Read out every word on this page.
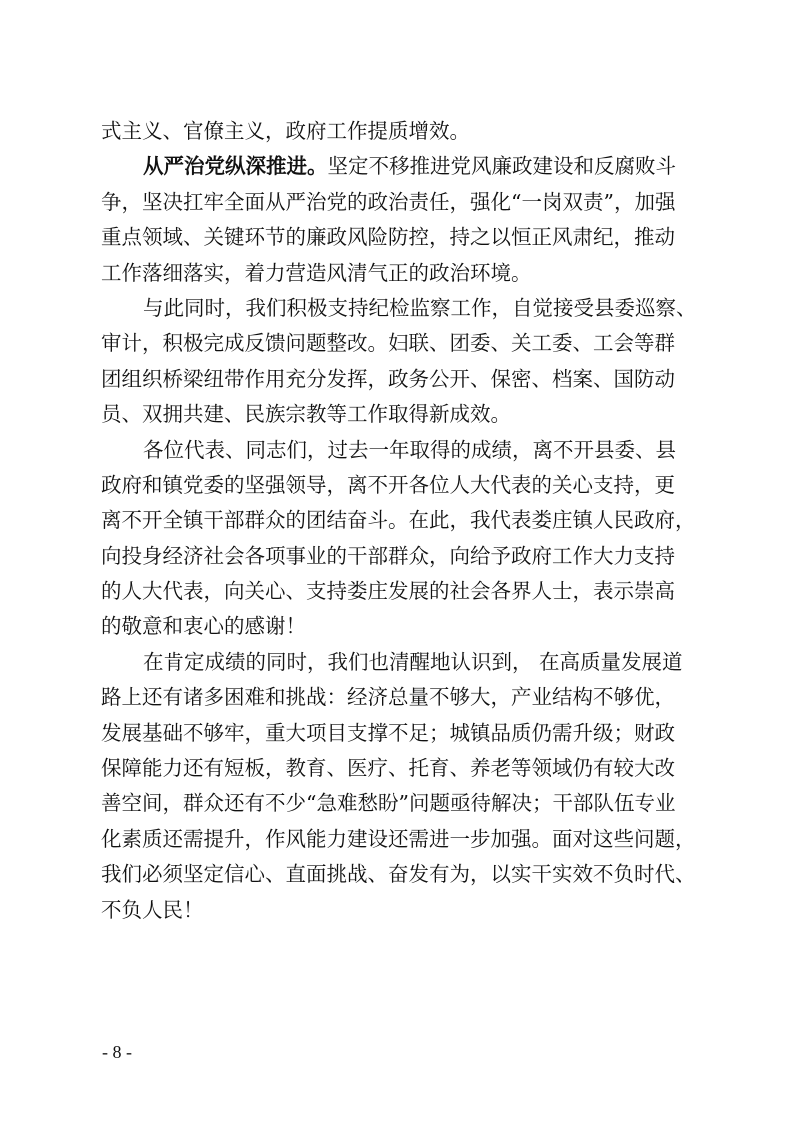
式主义、官僚主义，政府工作提质增效。
从严治党纵深推进。坚定不移推进党风廉政建设和反腐败斗
争，坚决扛牢全面从严治党的政治责任，强化“一岗双责”，加强
重点领域、关键环节的廉政风险防控，持之以恒正风肃纪，推动
工作落细落实，着力营造风清气正的政治环境。
与此同时，我们积极支持纪检监察工作，自觉接受县委巡察、
审计，积极完成反馈问题整改。妇联、团委、关工委、工会等群
团组织桥梁纽带作用充分发挥，政务公开、保密、档案、国防动
员、双拥共建、民族宗教等工作取得新成效。
各位代表、同志们，过去一年取得的成绩，离不开县委、县
政府和镇党委的坚强领导，离不开各位人大代表的关心支持，更
离不开全镇干部群众的团结奋斗。在此，我代表娄庄镇人民政府，
向投身经济社会各项事业的干部群众，向给予政府工作大力支持
的人大代表，向关心、支持娄庄发展的社会各界人士，表示崇高
的敬意和衷心的感谢！
在肯定成绩的同时，我们也清醒地认识到， 在高质量发展道
路上还有诸多困难和挑战：经济总量不够大，产业结构不够优，
发展基础不够牢，重大项目支撑不足；城镇品质仍需升级；财政
保障能力还有短板，教育、医疗、托育、养老等领域仍有较大改
善空间，群众还有不少“急难愁盼”问题亟待解决；干部队伍专业
化素质还需提升，作风能力建设还需进一步加强。面对这些问题，
我们必须坚定信心、直面挑战、奋发有为，以实干实效不负时代、
不负人民！
- 8 -
